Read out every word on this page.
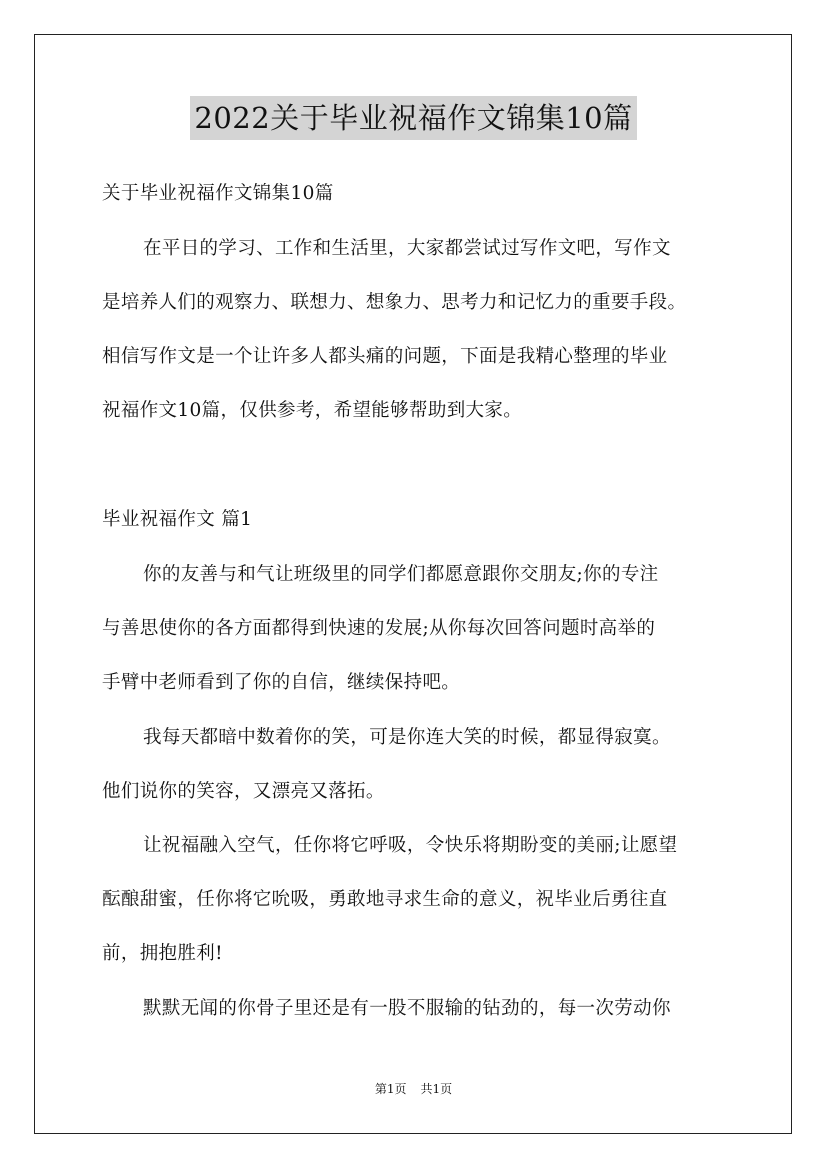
2022关于毕业祝福作文锦集10篇
关于毕业祝福作文锦集10篇
在平日的学习、工作和生活里，大家都尝试过写作文吧，写作文
是培养人们的观察力、联想力、想象力、思考力和记忆力的重要手段。
相信写作文是一个让许多人都头痛的问题，下面是我精心整理的毕业
祝福作文10篇，仅供参考，希望能够帮助到大家。
毕业祝福作文 篇1
你的友善与和气让班级里的同学们都愿意跟你交朋友;你的专注
与善思使你的各方面都得到快速的发展;从你每次回答问题时高举的
手臂中老师看到了你的自信，继续保持吧。
我每天都暗中数着你的笑，可是你连大笑的时候，都显得寂寞。
他们说你的笑容，又漂亮又落拓。
让祝福融入空气，任你将它呼吸，令快乐将期盼变的美丽;让愿望
酝酿甜蜜，任你将它吮吸，勇敢地寻求生命的意义，祝毕业后勇往直
前，拥抱胜利!
默默无闻的你骨子里还是有一股不服输的钻劲的，每一次劳动你
第1页 共1页
